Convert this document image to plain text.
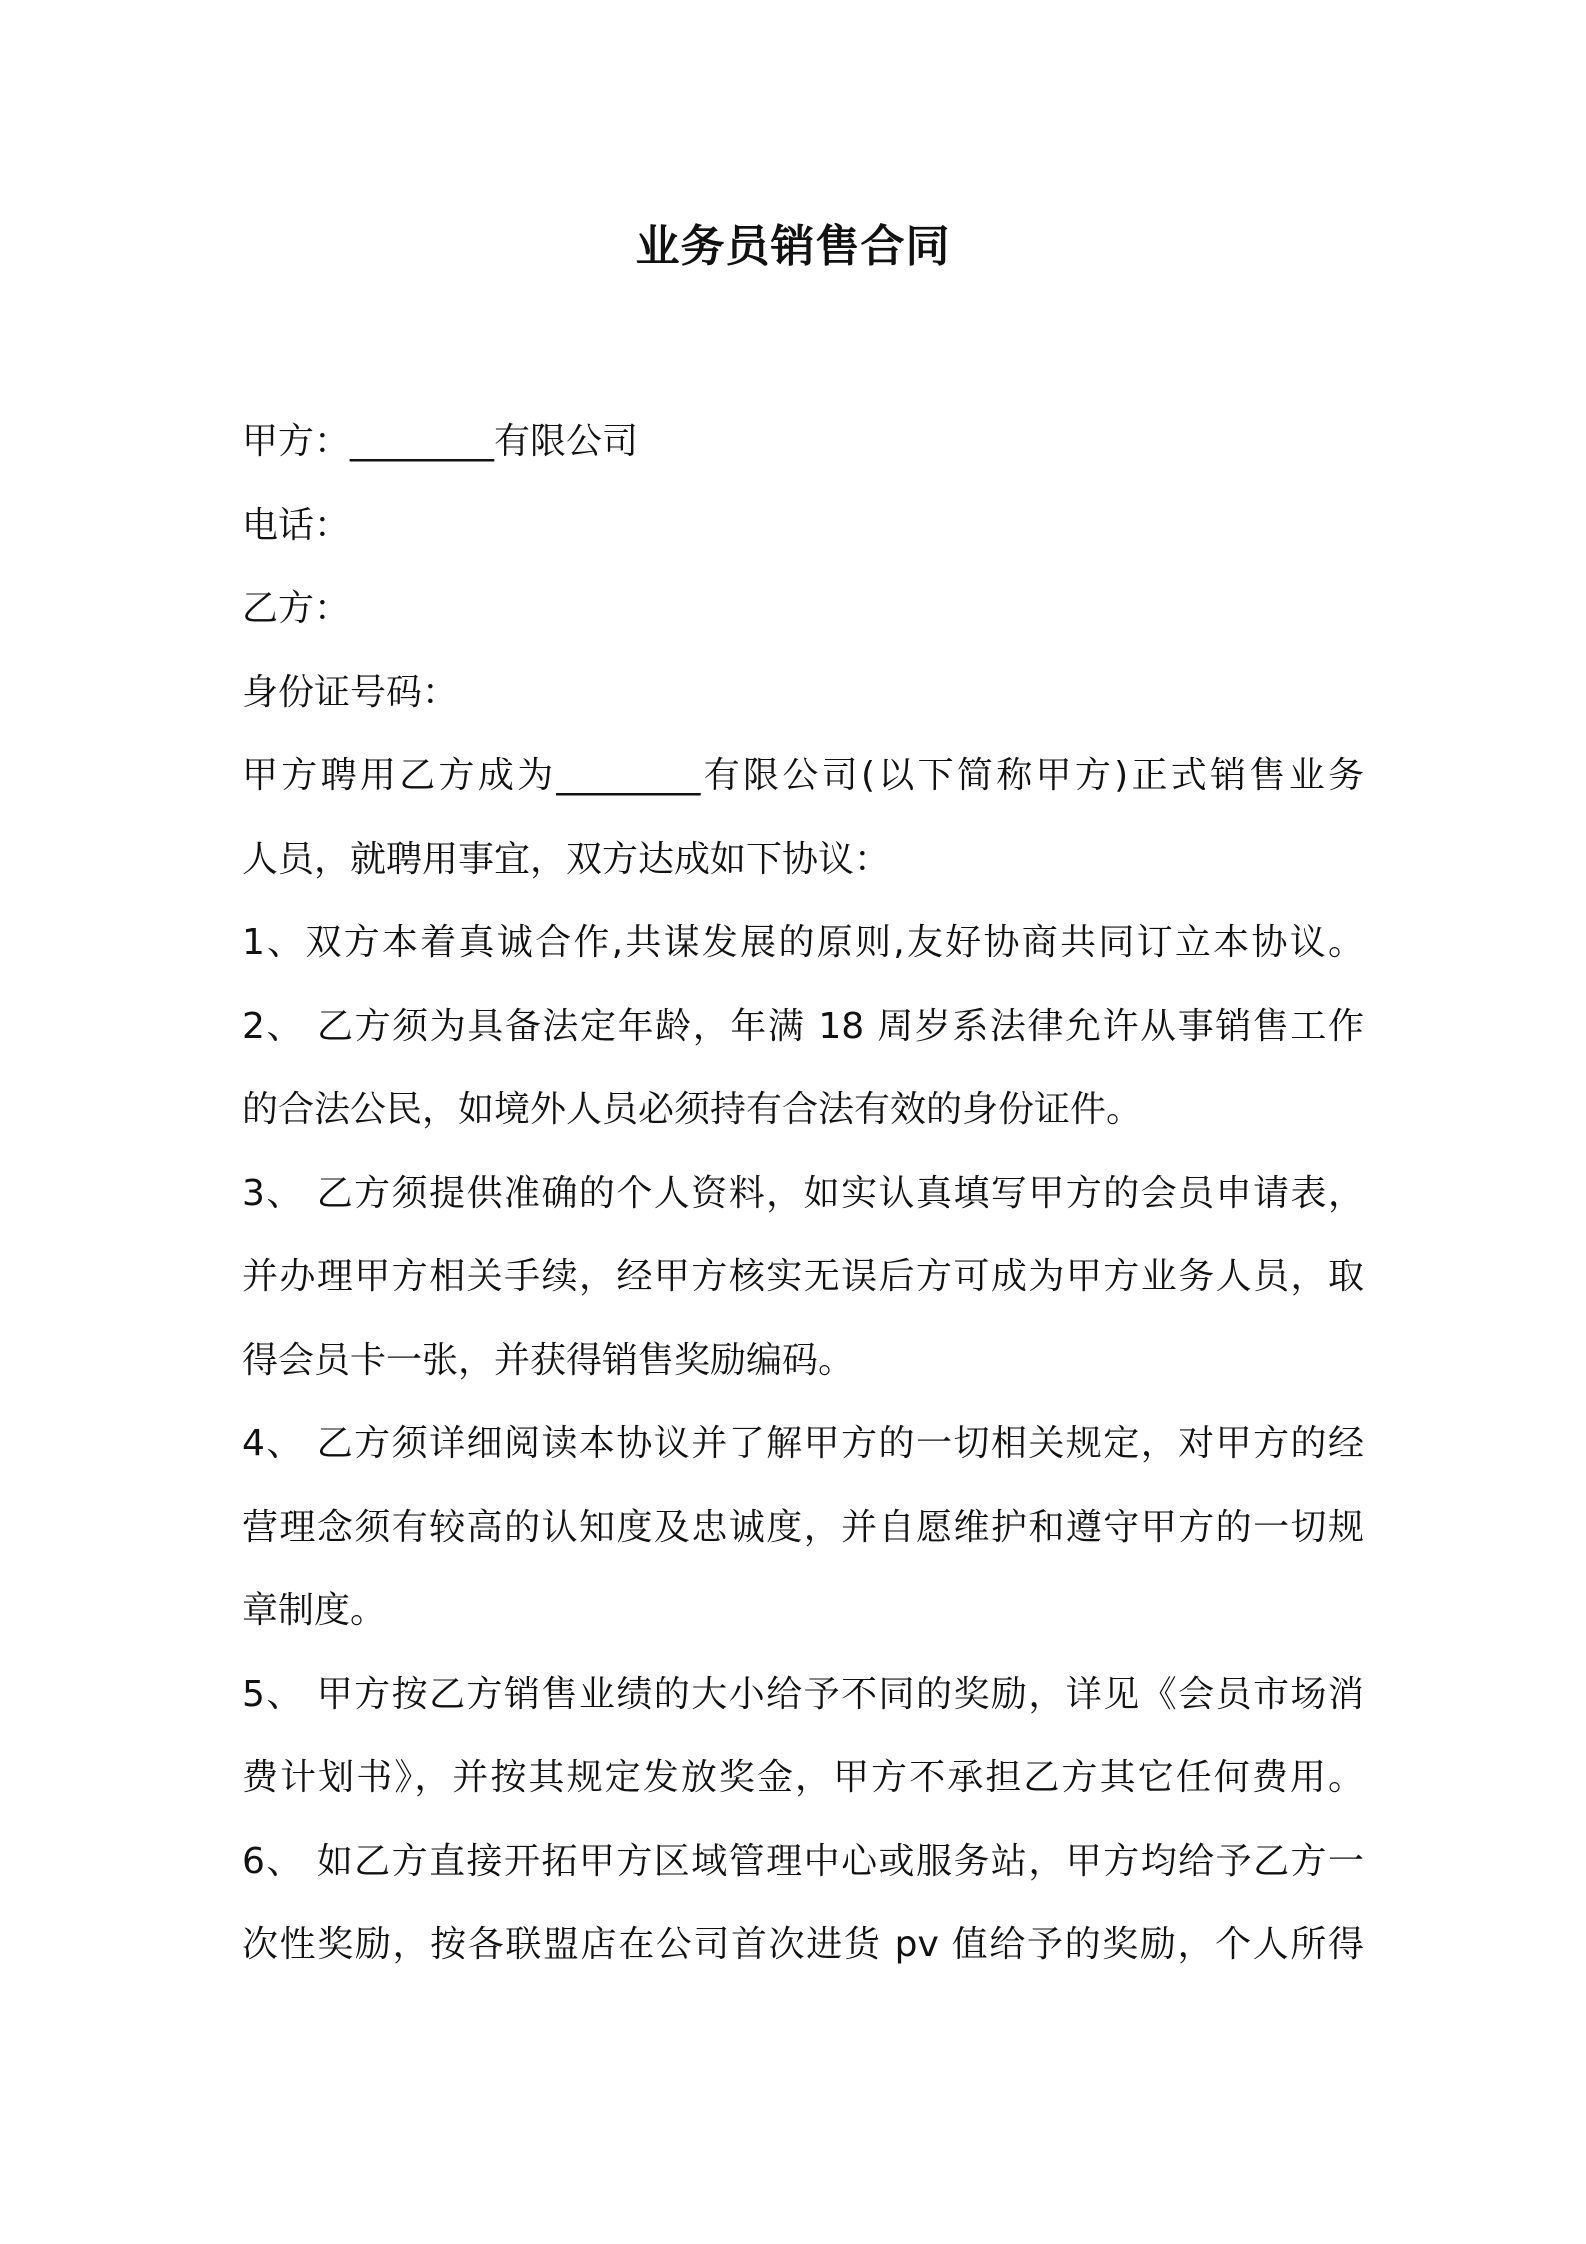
业务员销售合同

甲方：________有限公司

电话：

乙方：

身份证号码：

甲方聘用乙方成为________有限公司(以下简称甲方)正式销售业务

人员，就聘用事宜，双方达成如下协议：

1、双方本着真诚合作,共谋发展的原则,友好协商共同订立本协议。

2、 乙方须为具备法定年龄，年满 18 周岁系法律允许从事销售工作

的合法公民，如境外人员必须持有合法有效的身份证件。

3、 乙方须提供准确的个人资料，如实认真填写甲方的会员申请表，

并办理甲方相关手续，经甲方核实无误后方可成为甲方业务人员，取

得会员卡一张，并获得销售奖励编码。

4、 乙方须详细阅读本协议并了解甲方的一切相关规定，对甲方的经

营理念须有较高的认知度及忠诚度，并自愿维护和遵守甲方的一切规

章制度。

5、 甲方按乙方销售业绩的大小给予不同的奖励，详见《会员市场消

费计划书》，并按其规定发放奖金，甲方不承担乙方其它任何费用。

6、 如乙方直接开拓甲方区域管理中心或服务站，甲方均给予乙方一

次性奖励，按各联盟店在公司首次进货 pv 值给予的奖励，个人所得
